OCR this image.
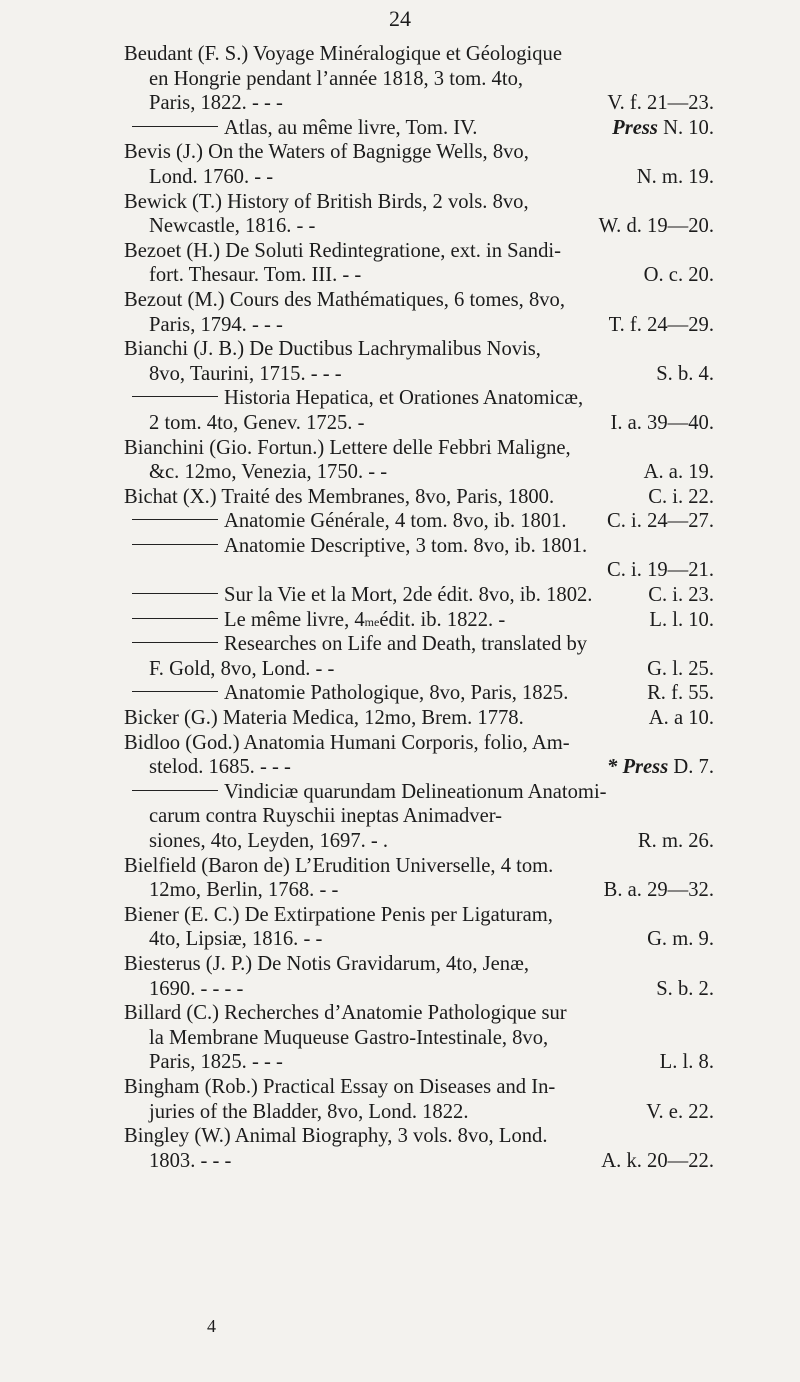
24
Beudant (F. S.) Voyage Minéralogique et Géologique
en Hongrie pendant l’année 1818, 3 tom. 4to,
Paris, 1822. - - -	V. f. 21—23.
Atlas, au même livre, Tom. IV.	Press N. 10.
Bevis (J.) On the Waters of Bagnigge Wells, 8vo,
Lond. 1760. - -	N. m. 19.
Bewick (T.) History of British Birds, 2 vols. 8vo,
Newcastle, 1816. - -	W. d. 19—20.
Bezoet (H.) De Soluti Redintegratione, ext. in Sandi-
fort. Thesaur. Tom. III. - -	O. c. 20.
Bezout (M.) Cours des Mathématiques, 6 tomes, 8vo,
Paris, 1794. - - -	T. f. 24—29.
Bianchi (J. B.) De Ductibus Lachrymalibus Novis,
8vo, Taurini, 1715. - - -	S. b. 4.
Historia Hepatica, et Orationes Anatomicæ,
2 tom. 4to, Genev. 1725. -	I. a. 39—40.
Bianchini (Gio. Fortun.) Lettere delle Febbri Maligne,
&c. 12mo, Venezia, 1750. - -	A. a. 19.
Bichat (X.) Traité des Membranes, 8vo, Paris, 1800.	C. i. 22.
Anatomie Générale, 4 tom. 8vo, ib. 1801.	C. i. 24—27.
Anatomie Descriptive, 3 tom. 8vo, ib. 1801.
C. i. 19—21.
Sur la Vie et la Mort, 2de édit. 8vo, ib. 1802.	C. i. 23.
Le même livre, 4 me édit. ib. 1822. -	L. l. 10.
Researches on Life and Death, translated by
F. Gold, 8vo, Lond. - -	G. l. 25.
Anatomie Pathologique, 8vo, Paris, 1825.	R. f. 55.
Bicker (G.) Materia Medica, 12mo, Brem. 1778.	A. a 10.
Bidloo (God.) Anatomia Humani Corporis, folio, Am-
stelod. 1685. - - -	* Press D. 7.
Vindiciæ quarundam Delineationum Anatomi-
carum contra Ruyschii ineptas Animadver-
siones, 4to, Leyden, 1697. - .	R. m. 26.
Bielfield (Baron de) L’Erudition Universelle, 4 tom.
12mo, Berlin, 1768. - -	B. a. 29—32.
Biener (E. C.) De Extirpatione Penis per Ligaturam,
4to, Lipsiæ, 1816. - -	G. m. 9.
Biesterus (J. P.) De Notis Gravidarum, 4to, Jenæ,
1690. - - - -	S. b. 2.
Billard (C.) Recherches d’Anatomie Pathologique sur
la Membrane Muqueuse Gastro-Intestinale, 8vo,
Paris, 1825. - - -	L. l. 8.
Bingham (Rob.) Practical Essay on Diseases and In-
juries of the Bladder, 8vo, Lond. 1822.	V. e. 22.
Bingley (W.) Animal Biography, 3 vols. 8vo, Lond.
1803. - - -	A. k. 20—22.
4
